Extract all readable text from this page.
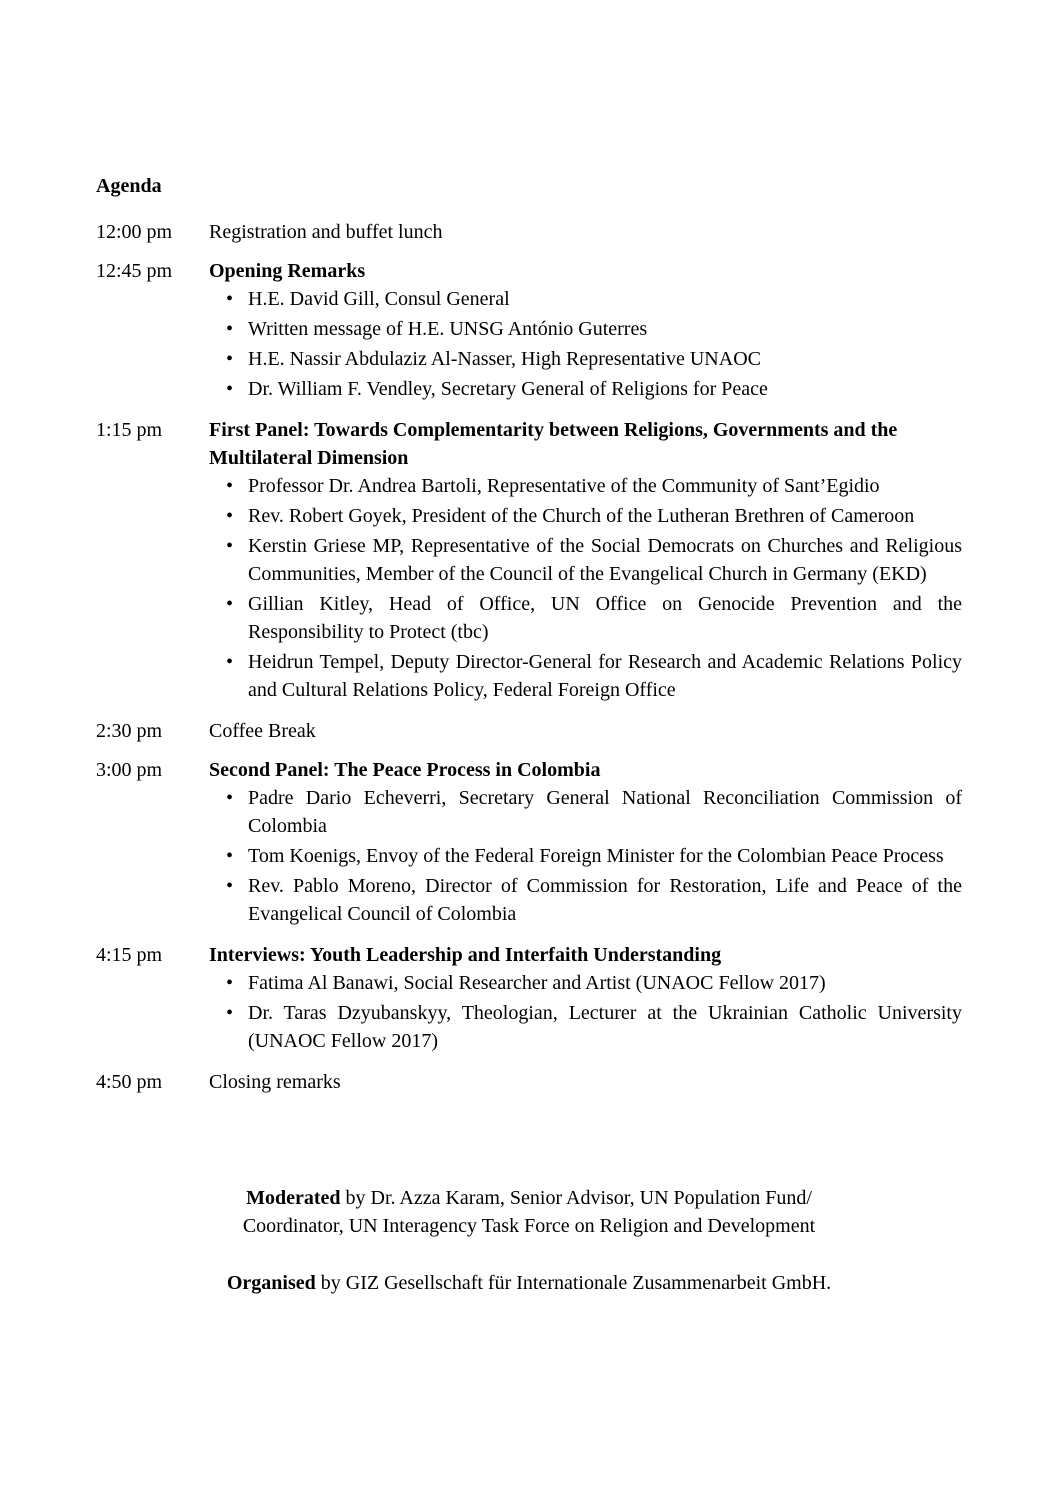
Agenda

12:00 pm	Registration and buffet lunch

12:45 pm	Opening Remarks

• H.E. David Gill, Consul General
• Written message of H.E. UNSG António Guterres
• H.E. Nassir Abdulaziz Al-Nasser, High Representative UNAOC
• Dr. William F. Vendley, Secretary General of Religions for Peace
1:15 pm	First Panel: Towards Complementarity between Religions, Governments and the Multilateral Dimension

• Professor Dr. Andrea Bartoli, Representative of the Community of Sant’Egidio
• Rev. Robert Goyek, President of the Church of the Lutheran Brethren of Cameroon
• Kerstin Griese MP, Representative of the Social Democrats on Churches and Religious Communities, Member of the Council of the Evangelical Church in Germany (EKD)
• Gillian Kitley, Head of Office, UN Office on Genocide Prevention and the Responsibility to Protect (tbc)
• Heidrun Tempel, Deputy Director-General for Research and Academic Relations Policy and Cultural Relations Policy, Federal Foreign Office
2:30 pm	Coffee Break

3:00 pm	Second Panel: The Peace Process in Colombia

• Padre Dario Echeverri, Secretary General National Reconciliation Commission of Colombia
• Tom Koenigs, Envoy of the Federal Foreign Minister for the Colombian Peace Process
• Rev. Pablo Moreno, Director of Commission for Restoration, Life and Peace of the Evangelical Council of Colombia
4:15 pm	Interviews: Youth Leadership and Interfaith Understanding

• Fatima Al Banawi, Social Researcher and Artist (UNAOC Fellow 2017)
• Dr. Taras Dzyubanskyy, Theologian, Lecturer at the Ukrainian Catholic University (UNAOC Fellow 2017)
4:50 pm	Closing remarks

Moderated by Dr. Azza Karam, Senior Advisor, UN Population Fund/
Coordinator, UN Interagency Task Force on Religion and Development

Organised by GIZ Gesellschaft für Internationale Zusammenarbeit GmbH.
